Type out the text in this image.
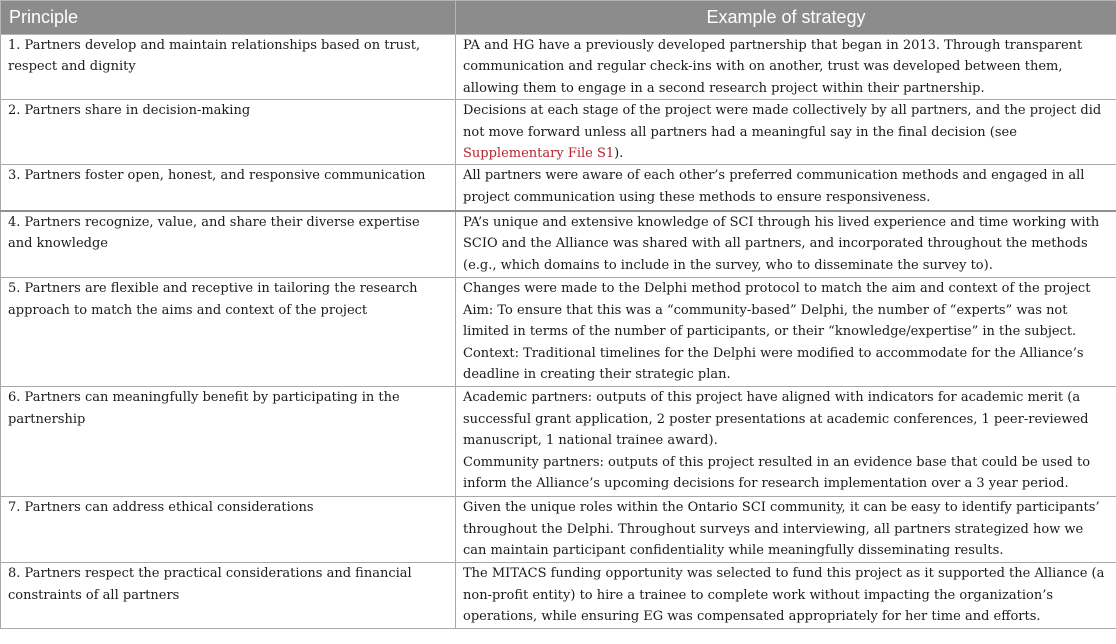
Principle	Example of strategy
1. Partners develop and maintain relationships based on trust, respect and dignity	PA and HG have a previously developed partnership that began in 2013. Through transparent communication and regular check-ins with on another, trust was developed between them, allowing them to engage in a second research project within their partnership.
2. Partners share in decision-making	Decisions at each stage of the project were made collectively by all partners, and the project did not move forward unless all partners had a meaningful say in the final decision (see Supplementary File S1).
3. Partners foster open, honest, and responsive communication	All partners were aware of each other’s preferred communication methods and engaged in all project communication using these methods to ensure responsiveness.
4. Partners recognize, value, and share their diverse expertise and knowledge	PA’s unique and extensive knowledge of SCI through his lived experience and time working with SCIO and the Alliance was shared with all partners, and incorporated throughout the methods (e.g., which domains to include in the survey, who to disseminate the survey to).
5. Partners are flexible and receptive in tailoring the research approach to match the aims and context of the project	Changes were made to the Delphi method protocol to match the aim and context of the project
Aim: To ensure that this was a “community-based” Delphi, the number of “experts” was not limited in terms of the number of participants, or their “knowledge/expertise” in the subject.
Context: Traditional timelines for the Delphi were modified to accommodate for the Alliance’s deadline in creating their strategic plan.

6. Partners can meaningfully benefit by participating in the partnership	Academic partners: outputs of this project have aligned with indicators for academic merit (a successful grant application, 2 poster presentations at academic conferences, 1 peer-reviewed manuscript, 1 national trainee award).
Community partners: outputs of this project resulted in an evidence base that could be used to inform the Alliance’s upcoming decisions for research implementation over a 3 year period.

7. Partners can address ethical considerations	Given the unique roles within the Ontario SCI community, it can be easy to identify participants’ throughout the Delphi. Throughout surveys and interviewing, all partners strategized how we can maintain participant confidentiality while meaningfully disseminating results.
8. Partners respect the practical considerations and financial constraints of all partners	The MITACS funding opportunity was selected to fund this project as it supported the Alliance (a non-profit entity) to hire a trainee to complete work without impacting the organization’s operations, while ensuring EG was compensated appropriately for her time and efforts.
